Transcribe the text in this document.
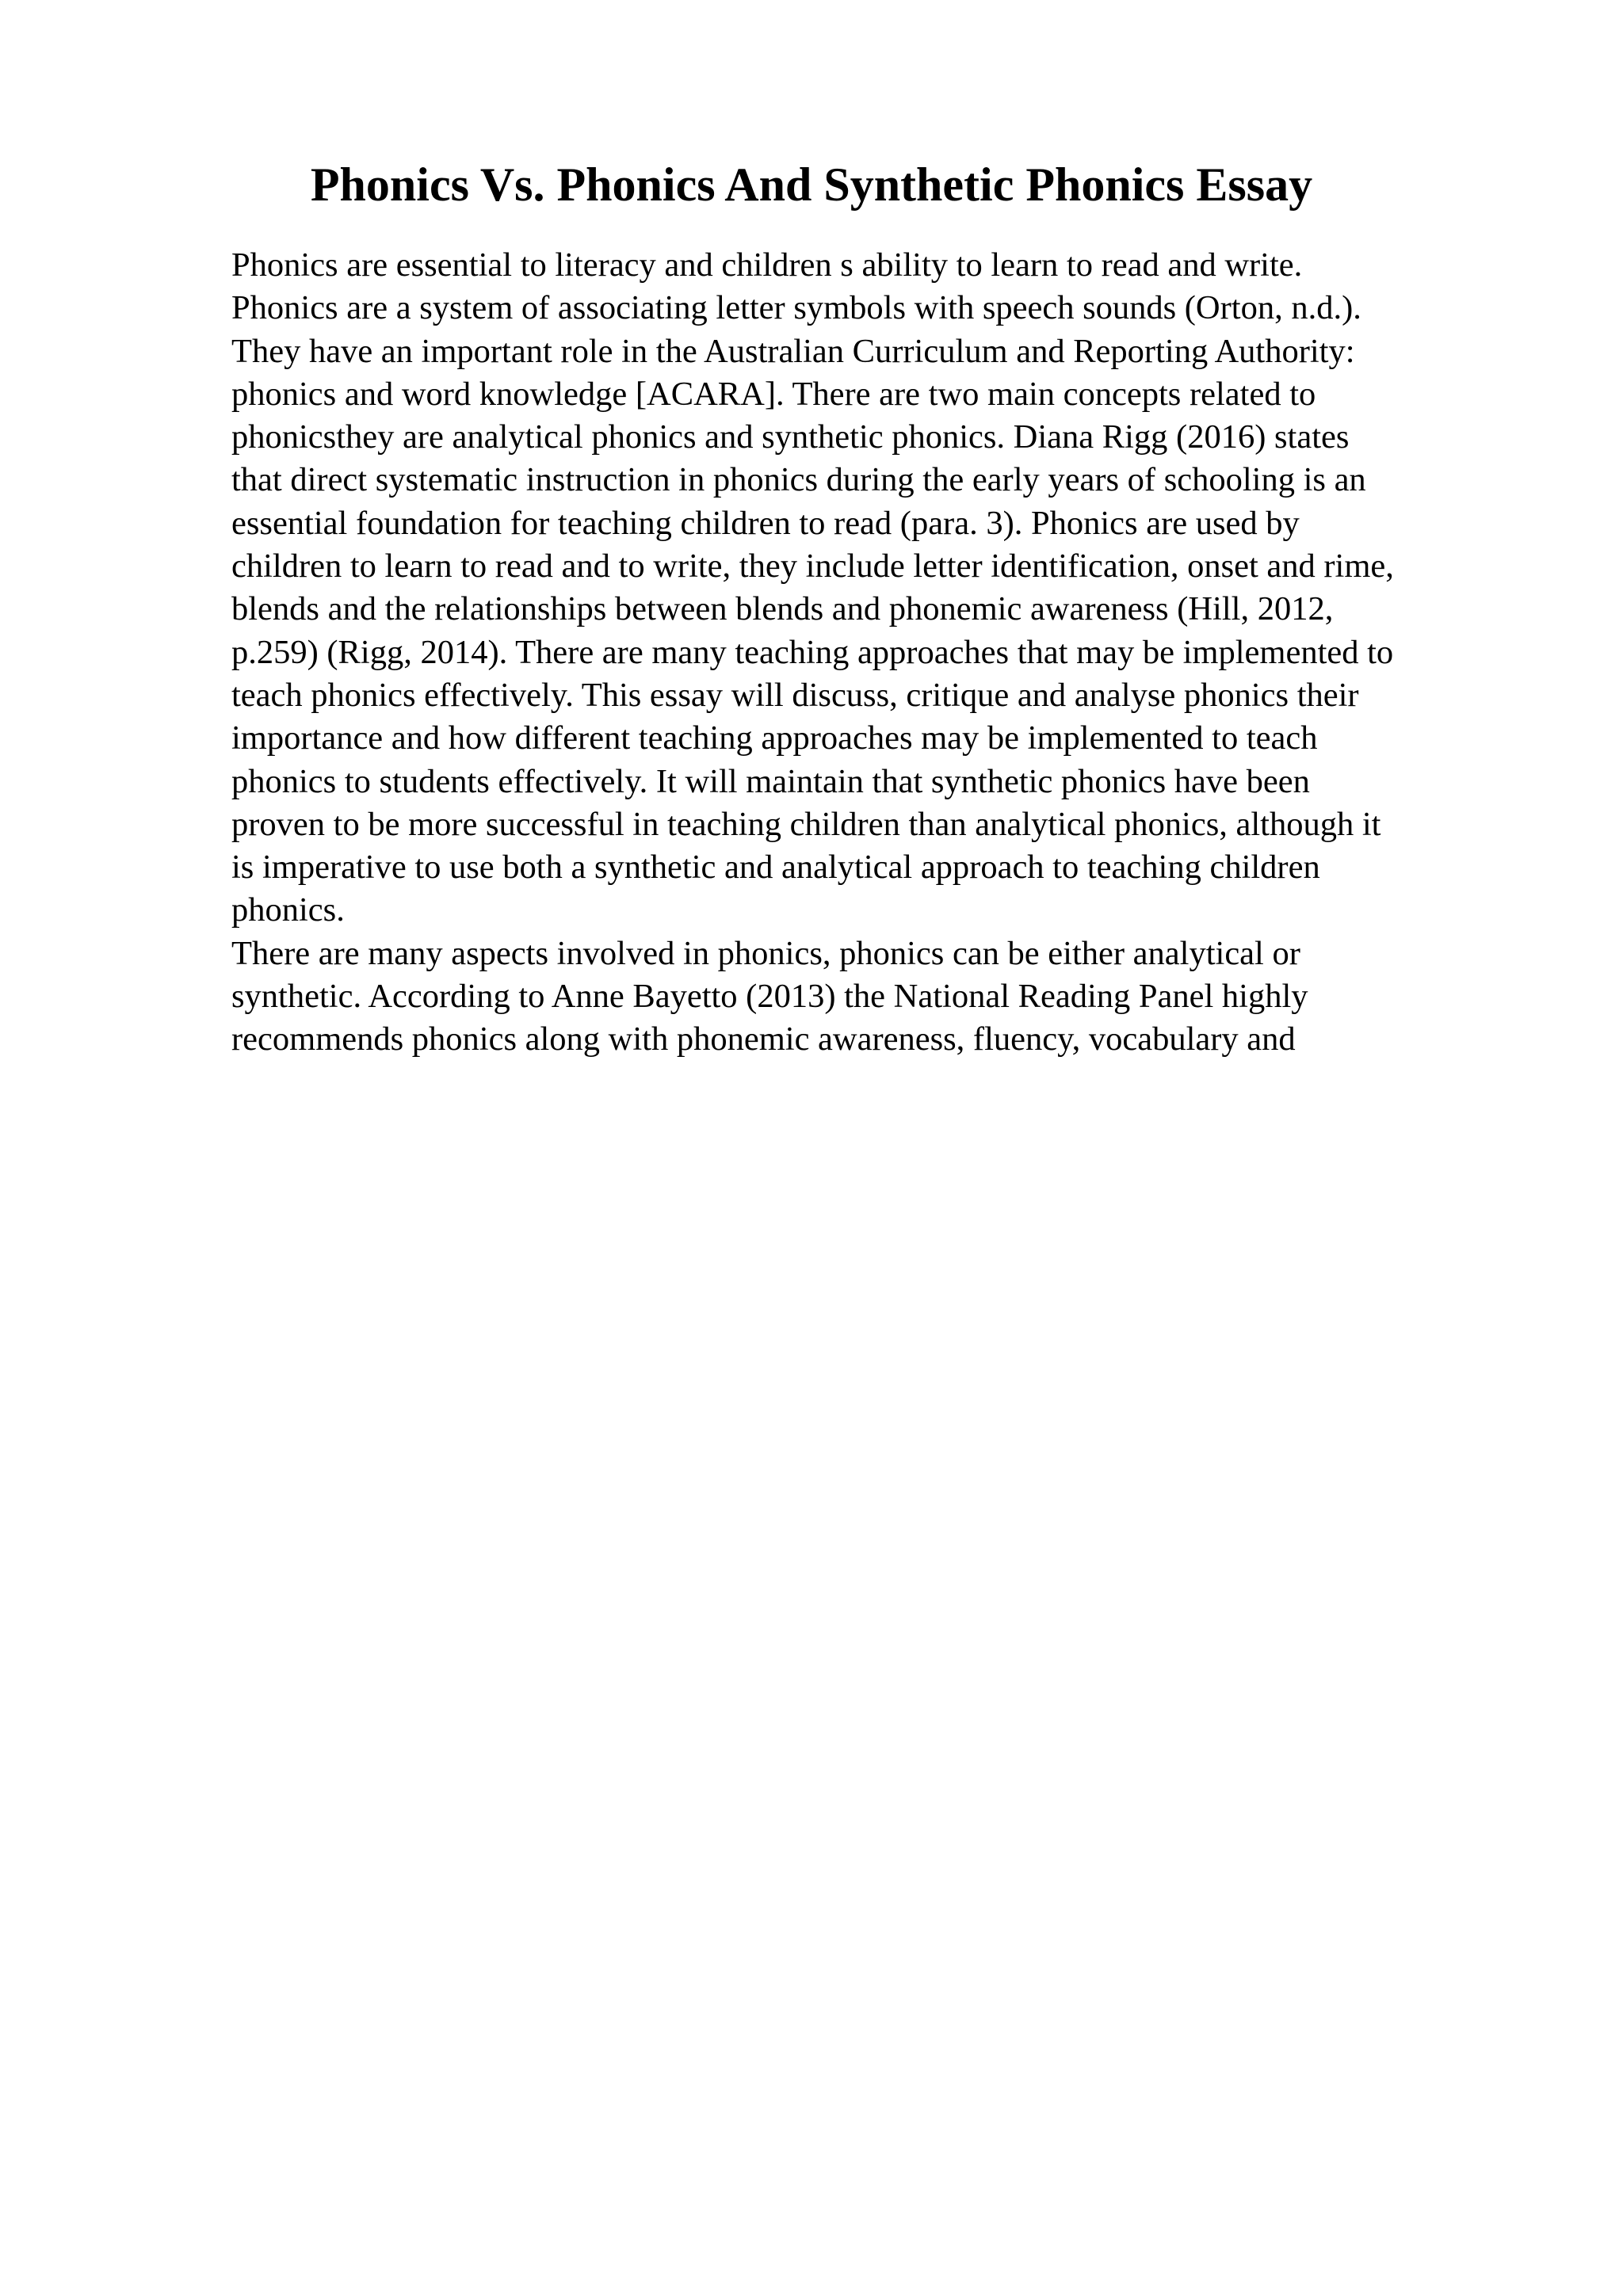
Phonics Vs. Phonics And Synthetic Phonics Essay
Phonics are essential to literacy and children s ability to learn to read and write.
Phonics are a system of associating letter symbols with speech sounds (Orton, n.d.).
They have an important role in the Australian Curriculum and Reporting Authority:
phonics and word knowledge [ACARA]. There are two main concepts related to
phonicsthey are analytical phonics and synthetic phonics. Diana Rigg (2016) states
that direct systematic instruction in phonics during the early years of schooling is an
essential foundation for teaching children to read (para. 3). Phonics are used by
children to learn to read and to write, they include letter identification, onset and rime,
blends and the relationships between blends and phonemic awareness (Hill, 2012,
p.259) (Rigg, 2014). There are many teaching approaches that may be implemented to
teach phonics effectively. This essay will discuss, critique and analyse phonics their
importance and how different teaching approaches may be implemented to teach
phonics to students effectively. It will maintain that synthetic phonics have been
proven to be more successful in teaching children than analytical phonics, although it
is imperative to use both a synthetic and analytical approach to teaching children
phonics.
There are many aspects involved in phonics, phonics can be either analytical or
synthetic. According to Anne Bayetto (2013) the National Reading Panel highly
recommends phonics along with phonemic awareness, fluency, vocabulary and
